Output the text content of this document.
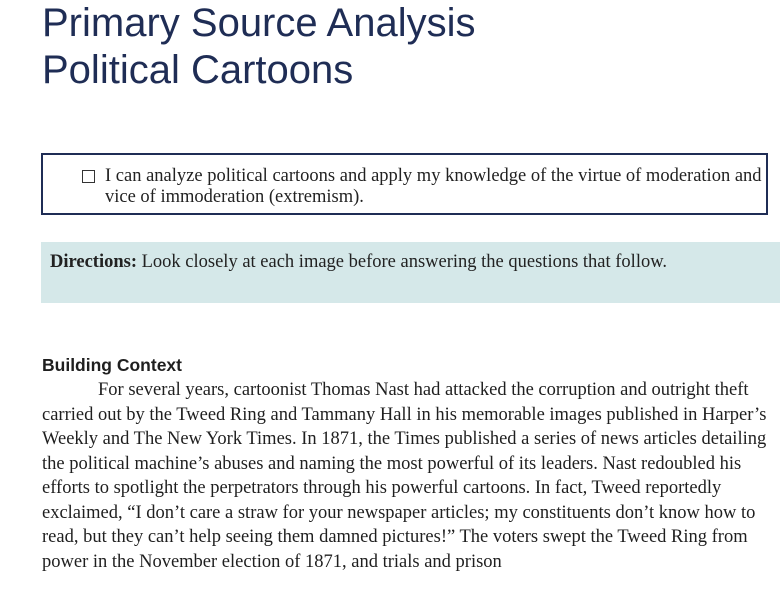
Primary Source Analysis
Political Cartoons

I can analyze political cartoons and apply my knowledge of the virtue of moderation and vice of immoderation (extremism).

Directions: Look closely at each image before answering the questions that follow.
Building Context

For several years, cartoonist Thomas Nast had attacked the corruption and outright theft carried out by the Tweed Ring and Tammany Hall in his memorable images published in Harper’s Weekly and The New York Times. In 1871, the Times published a series of news articles detailing the political machine’s abuses and naming the most powerful of its leaders. Nast redoubled his efforts to spotlight the perpetrators through his powerful cartoons. In fact, Tweed reportedly exclaimed, “I don’t care a straw for your newspaper articles; my constituents don’t know how to read, but they can’t help seeing them damned pictures!” The voters swept the Tweed Ring from power in the November election of 1871, and trials and prison
